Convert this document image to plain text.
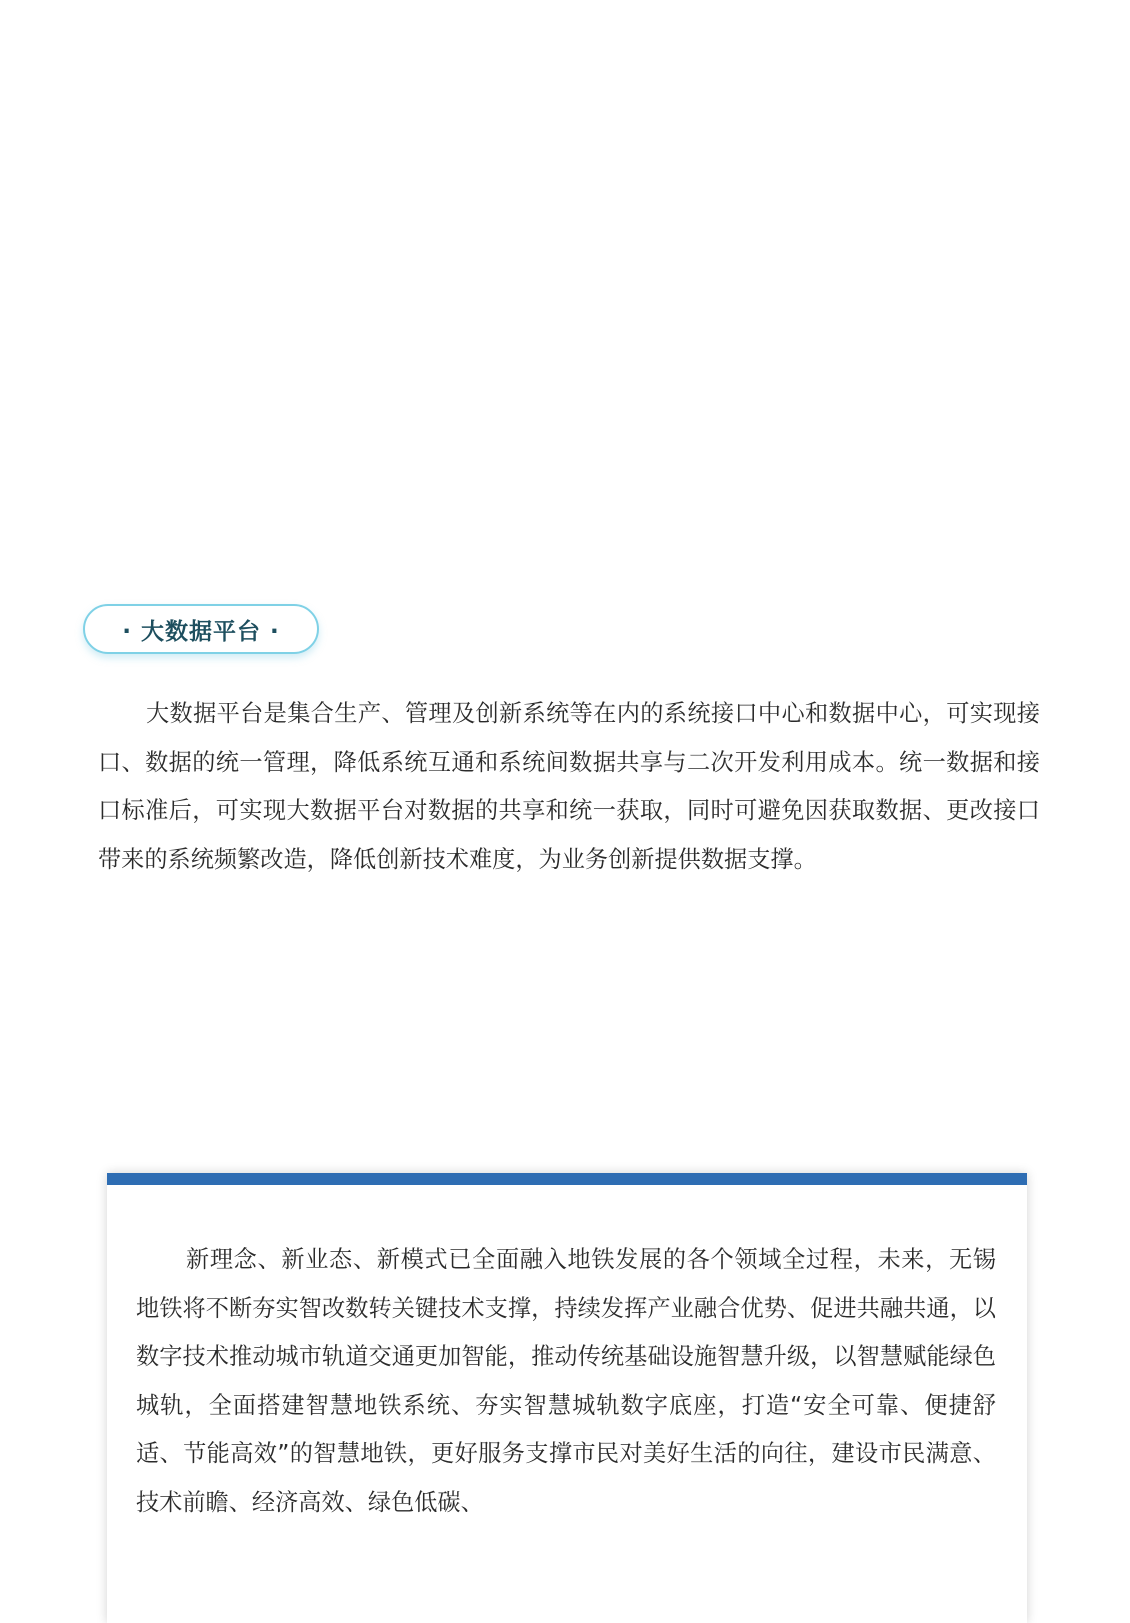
· 大数据平台 ·

大数据平台是集合生产、管理及创新系统等在内的系统接口中心和数据中心，可实现接口、数据的统一管理，降低系统互通和系统间数据共享与二次开发利用成本。统一数据和接口标准后，可实现大数据平台对数据的共享和统一获取，同时可避免因获取数据、更改接口带来的系统频繁改造，降低创新技术难度，为业务创新提供数据支撑。

新理念、新业态、新模式已全面融入地铁发展的各个领域全过程，未来，无锡地铁将不断夯实智改数转关键技术支撑，持续发挥产业融合优势、促进共融共通，以数字技术推动城市轨道交通更加智能，推动传统基础设施智慧升级，以智慧赋能绿色城轨，全面搭建智慧地铁系统、夯实智慧城轨数字底座，打造“安全可靠、便捷舒适、节能高效”的智慧地铁，更好服务支撑市民对美好生活的向往，建设市民满意、技术前瞻、经济高效、绿色低碳、
